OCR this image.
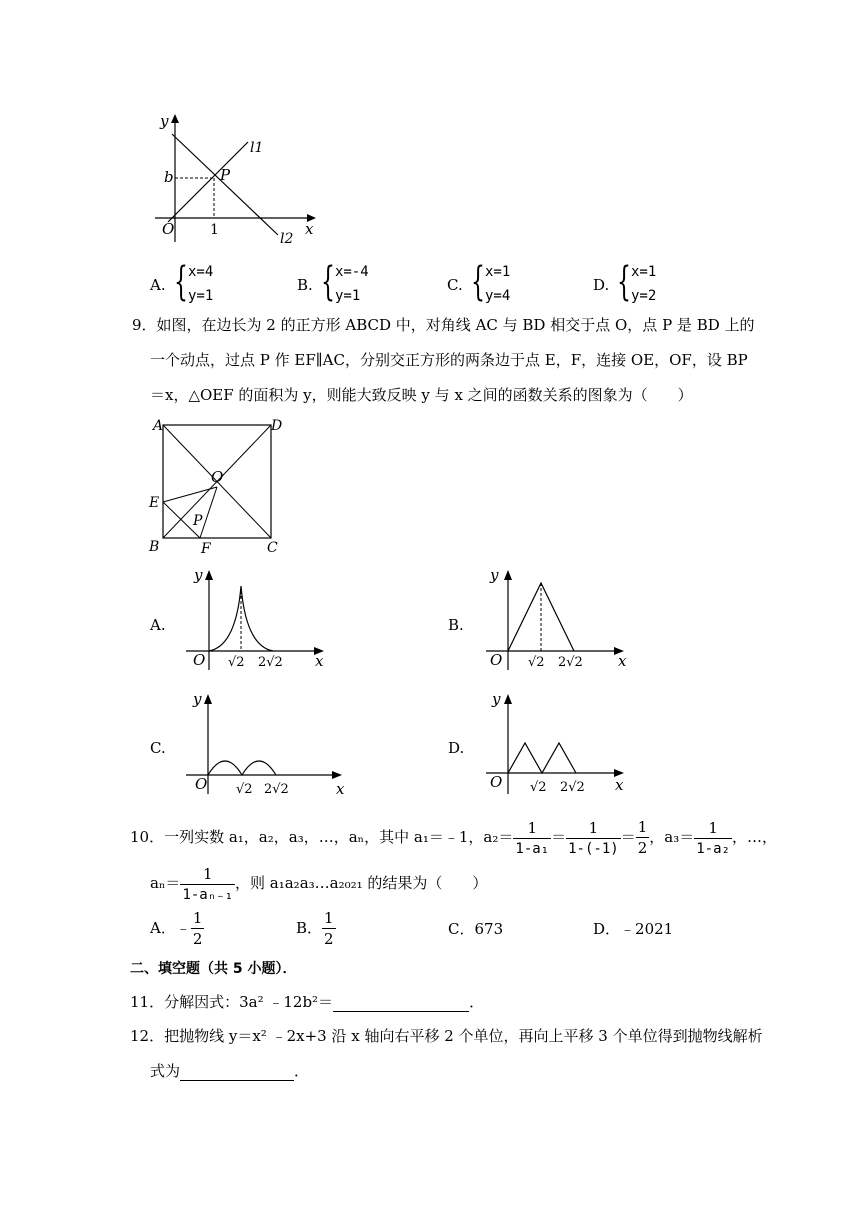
y
l1
b	P
O	1
l2
x
A. { x=4
y=1
B. { x=-4
y=1
C. { x=1
y=4
D. { x=1
y=2
9．如图，在边长为 2 的正方形 ABCD 中，对角线 AC 与 BD 相交于点 O，点 P 是 BD 上的
一个动点，过点 P 作 EF∥AC，分别交正方形的两条边于点 E，F，连接 OE，OF，设 BP
＝x，△OEF 的面积为 y，则能大致反映 y 与 x 之间的函数关系的图象为（　　）
A	D
O
E
P
B	F	C
A.
y
O √2 2√2 x
B.
y
O √2 2√2 x
C.
y
O √2 2√2	x
D.
y
O √2 2√2 x
10．一列实数 a₁，a₂，a₃，…，aₙ，其中 a₁＝﹣1，$a_2= \frac{1}{\text{1-a₁}} = \frac{1}{1-(-1)} = \frac{1}{2}$ ，$a_3= \frac{1}{\text{1-a₂}}$ ，…，
$a_n= \frac{1}{\text{1-aₙ₋₁}}$ ，则 a₁a₂a₃…a₂₀₂₁ 的结果为（　　）
A．﹣ $\frac{1}{2}$	B． $\frac{1}{2}$	C．673	D．﹣2021
二、填空题（共 5 小题）．
11．分解因式：3a² ﹣12b²＝	．
12．把抛物线 y＝x² ﹣2x+3 沿 x 轴向右平移 2 个单位，再向上平移 3 个单位得到抛物线解析
式为	．
